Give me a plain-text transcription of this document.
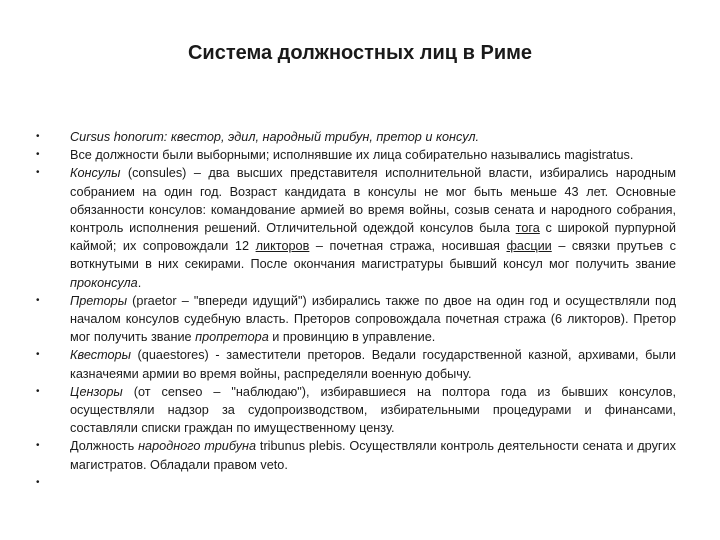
Система должностных лиц в Риме
• Cursus honorum: квестор, эдил, народный трибун, претор и консул.
• Все должности были выборными; исполнявшие их лица собирательно назывались magistratus.
• Консулы (consules) – два высших представителя исполнительной власти, избирались народным собранием на один год. Возраст кандидата в консулы не мог быть меньше 43 лет. Основные обязанности консулов: командование армией во время войны, созыв сената и народного собрания, контроль исполнения решений. Отличительной одеждой консулов была тога с широкой пурпурной каймой; их сопровождали 12 ликторов – почетная стража, носившая фасции – связки прутьев с воткнутыми в них секирами. После окончания магистратуры бывший консул мог получить звание проконсула.
• Преторы (praetor – "впереди идущий") избирались также по двое на один год и осуществляли под началом консулов судебную власть. Преторов сопровождала почетная стража (6 ликторов). Претор мог получить звание пропретора и провинцию в управление.
• Квесторы (quaestores) - заместители преторов. Ведали государственной казной, архивами, были казначеями армии во время войны, распределяли военную добычу.
• Цензоры (от censeo – "наблюдаю"), избиравшиеся на полтора года из бывших консулов, осуществляли надзор за судопроизводством, избирательными процедурами и финансами, составляли списки граждан по имущественному цензу.
• Должность народного трибуна tribunus plebis. Осуществляли контроль деятельности сената и других магистратов. Обладали правом veto.
•
